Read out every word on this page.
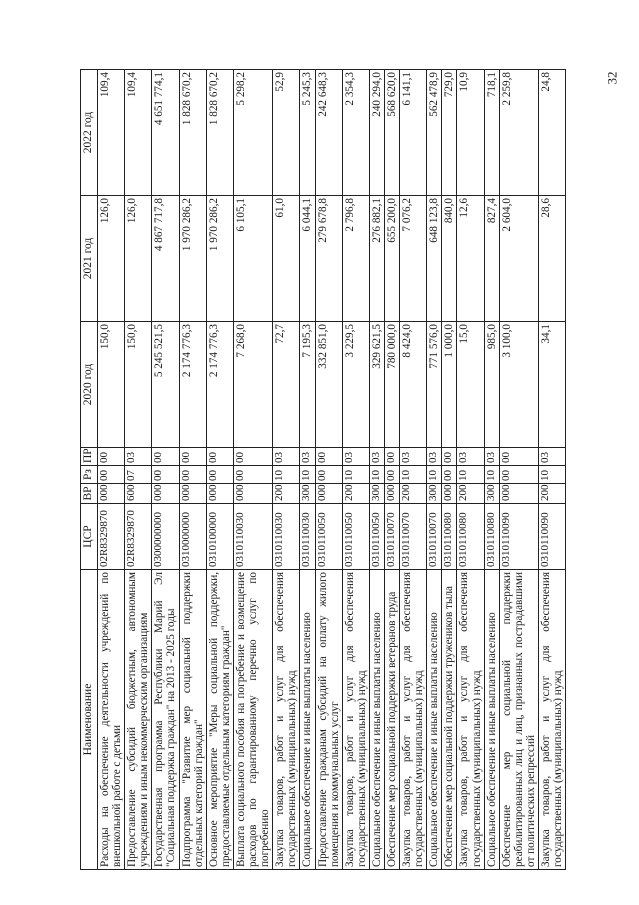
32
Наименование	ЦСР	ВР	Рз	ПР	2020 год	2021 год	2022 год
Расходы на обеспечение деятельности учреждений по внешкольной работе с детьми	02R8329870	000	00	00	150,0	126,0	109,4
Предоставление субсидий бюджетным, автономным учреждениям и иным некоммерческим организациям	02R8329870	600	07	03	150,0	126,0	109,4
Государственная программа Республики Марий Эл "Социальная поддержка граждан" на 2013 - 2025 годы	0300000000	000	00	00	5 245 521,5	4 867 717,8	4 651 774,1
Подпрограмма "Развитие мер социальной поддержки отдельных категорий граждан"	0310000000	000	00	00	2 174 776,3	1 970 286,2	1 828 670,2
Основное мероприятие "Меры социальной поддержки, предоставляемые отдельным категориям граждан"	0310100000	000	00	00	2 174 776,3	1 970 286,2	1 828 670,2
Выплата социального пособия на погребение и возмещение расходов по гарантированному перечню услуг по погребению	0310110030	000	00	00	7 268,0	6 105,1	5 298,2
Закупка товаров, работ и услуг для обеспечения государственных (муниципальных) нужд	0310110030	200	10	03	72,7	61,0	52,9
Социальное обеспечение и иные выплаты населению	0310110030	300	10	03	7 195,3	6 044,1	5 245,3
Предоставление гражданам субсидий на оплату жилого помещения и коммунальных услуг	0310110050	000	00	00	332 851,0	279 678,8	242 648,3
Закупка товаров, работ и услуг для обеспечения государственных (муниципальных) нужд	0310110050	200	10	03	3 229,5	2 796,8	2 354,3
Социальное обеспечение и иные выплаты населению	0310110050	300	10	03	329 621,5	276 882,1	240 294,0
Обеспечение мер социальной поддержки ветеранов труда	0310110070	000	00	00	780 000,0	655 200,0	568 620,0
Закупка товаров, работ и услуг для обеспечения государственных (муниципальных) нужд	0310110070	200	10	03	8 424,0	7 076,2	6 141,1
Социальное обеспечение и иные выплаты населению	0310110070	300	10	03	771 576,0	648 123,8	562 478,9
Обеспечение мер социальной поддержки тружеников тыла	0310110080	000	00	00	1 000,0	840,0	729,0
Закупка товаров, работ и услуг для обеспечения государственных (муниципальных) нужд	0310110080	200	10	03	15,0	12,6	10,9
Социальное обеспечение и иные выплаты населению	0310110080	300	10	03	985,0	827,4	718,1
Обеспечение мер социальной поддержки реабилитированных лиц и лиц, признанных пострадавшими от политических репрессий	0310110090	000	00	00	3 100,0	2 604,0	2 259,8
Закупка товаров, работ и услуг для обеспечения государственных (муниципальных) нужд	0310110090	200	10	03	34,1	28,6	24,8
